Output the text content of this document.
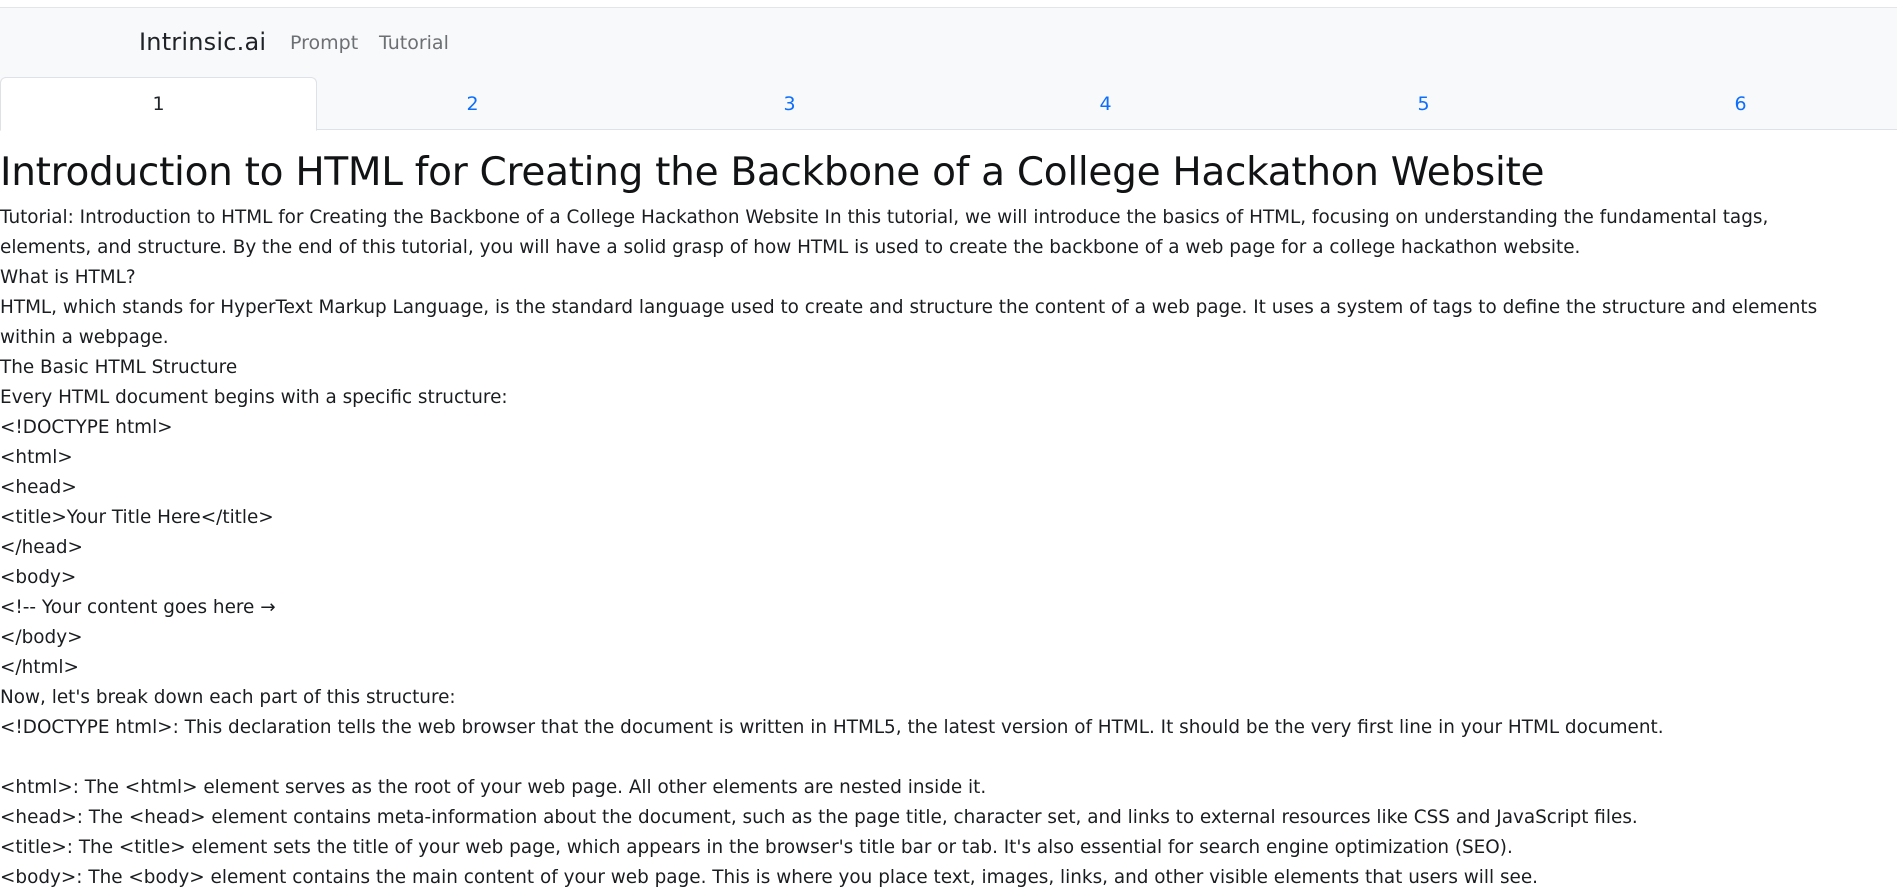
Intrinsic.ai Prompt Tutorial
1	2	3	4	5	6
Introduction to HTML for Creating the Backbone of a College Hackathon Website
Tutorial: Introduction to HTML for Creating the Backbone of a College Hackathon Website In this tutorial, we will introduce the basics of HTML, focusing on understanding the fundamental tags,
elements, and structure. By the end of this tutorial, you will have a solid grasp of how HTML is used to create the backbone of a web page for a college hackathon website.
What is HTML?
HTML, which stands for HyperText Markup Language, is the standard language used to create and structure the content of a web page. It uses a system of tags to define the structure and elements
within a webpage.
The Basic HTML Structure
Every HTML document begins with a specific structure:
<!DOCTYPE html>
<html>
<head>
<title>Your Title Here</title>
</head>
<body>
<!-- Your content goes here →
</body>
</html>
Now, let's break down each part of this structure:
<!DOCTYPE html>: This declaration tells the web browser that the document is written in HTML5, the latest version of HTML. It should be the very first line in your HTML document.
<html>: The <html> element serves as the root of your web page. All other elements are nested inside it.
<head>: The <head> element contains meta-information about the document, such as the page title, character set, and links to external resources like CSS and JavaScript files.
<title>: The <title> element sets the title of your web page, which appears in the browser's title bar or tab. It's also essential for search engine optimization (SEO).
<body>: The <body> element contains the main content of your web page. This is where you place text, images, links, and other visible elements that users will see.
